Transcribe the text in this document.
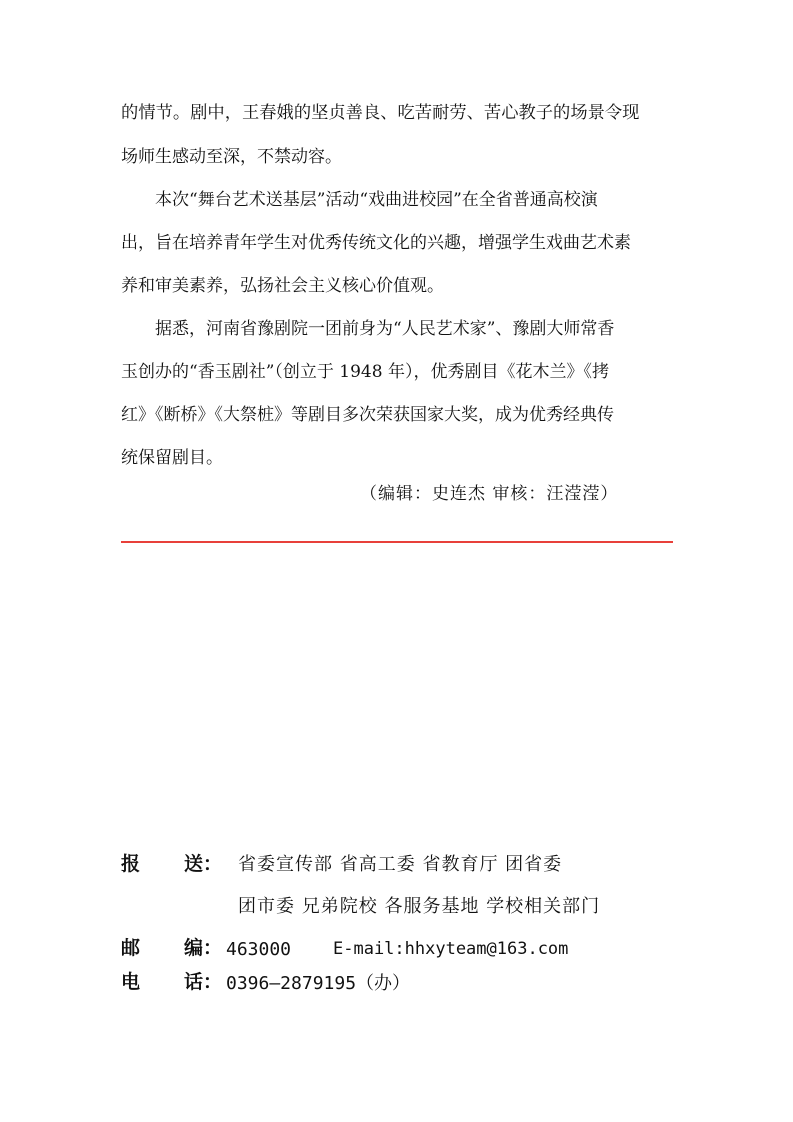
的情节。剧中，王春娥的坚贞善良、吃苦耐劳、苦心教子的场景令现
场师生感动至深，不禁动容。
本次“舞台艺术送基层”活动“戏曲进校园”在全省普通高校演
出，旨在培养青年学生对优秀传统文化的兴趣，增强学生戏曲艺术素
养和审美素养，弘扬社会主义核心价值观。
据悉，河南省豫剧院一团前身为“人民艺术家”、豫剧大师常香
玉创办的“香玉剧社”（创立于 1948 年），优秀剧目《花木兰》《拷
红》《断桥》《大祭桩》等剧目多次荣获国家大奖，成为优秀经典传
统保留剧目。
（编辑：史连杰 审核：汪滢滢）
报 送 ： 省委宣传部 省高工委 省教育厅 团省委
团市委 兄弟院校 各服务基地 学校相关部门
邮 编 ： 463000 E-mail:hhxyteam@163.com
电 话 ： 0396—2879195（办）
